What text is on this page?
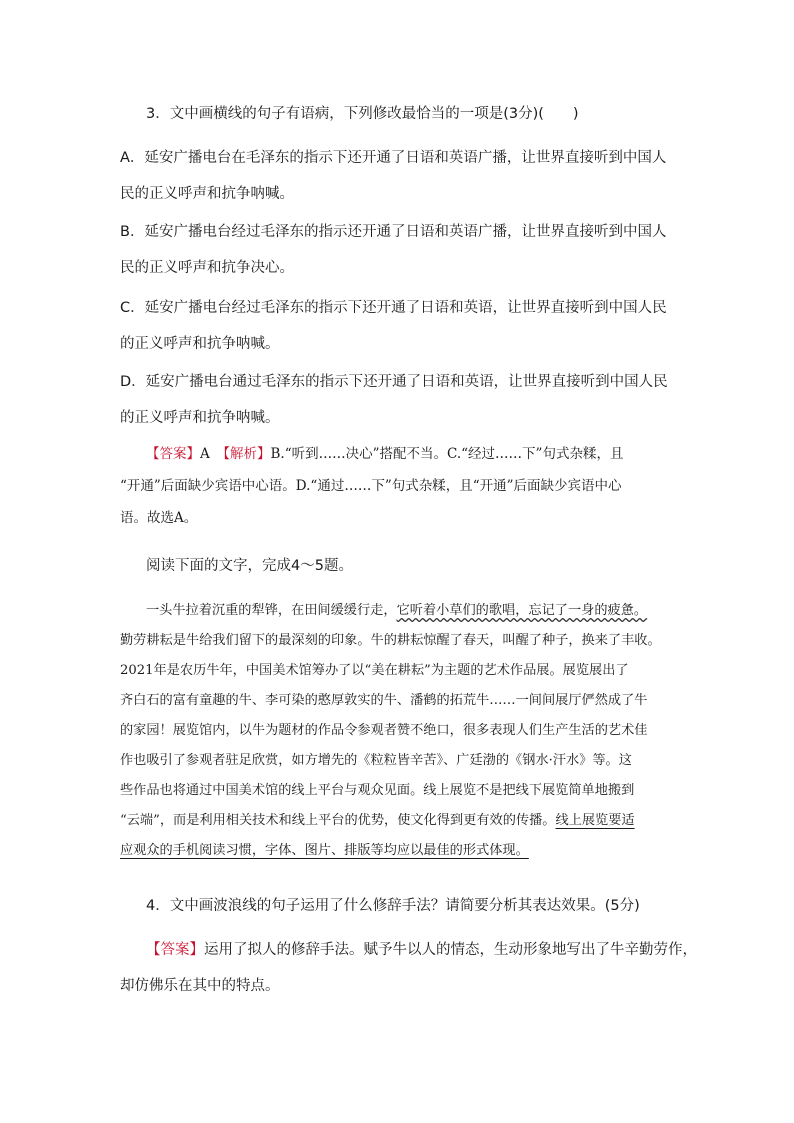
3．文中画横线的句子有语病，下列修改最恰当的一项是(3分)(　　)
A．延安广播电台在毛泽东的指示下还开通了日语和英语广播，让世界直接听到中国人
民的正义呼声和抗争呐喊。
B．延安广播电台经过毛泽东的指示还开通了日语和英语广播，让世界直接听到中国人
民的正义呼声和抗争决心。
C．延安广播电台经过毛泽东的指示下还开通了日语和英语，让世界直接听到中国人民
的正义呼声和抗争呐喊。
D．延安广播电台通过毛泽东的指示下还开通了日语和英语，让世界直接听到中国人民
的正义呼声和抗争呐喊。
【答案】A　【解析】B.“听到……决心”搭配不当。C.“经过……下”句式杂糅，且
“开通”后面缺少宾语中心语。D.“通过……下”句式杂糅，且“开通”后面缺少宾语中心
语。故选A。
阅读下面的文字，完成4～5题。
一头牛拉着沉重的犁铧，在田间缓缓行走，它听着小草们的歌唱，忘记了一身的疲惫。
勤劳耕耘是牛给我们留下的最深刻的印象。牛的耕耘惊醒了春天，叫醒了种子，换来了丰收。
2021年是农历牛年，中国美术馆筹办了以“美在耕耘”为主题的艺术作品展。展览展出了
齐白石的富有童趣的牛、李可染的憨厚敦实的牛、潘鹤的拓荒牛……一间间展厅俨然成了牛
的家园！展览馆内，以牛为题材的作品令参观者赞不绝口，很多表现人们生产生活的艺术佳
作也吸引了参观者驻足欣赏，如方增先的《粒粒皆辛苦》、广廷渤的《钢水·汗水》等。这
些作品也将通过中国美术馆的线上平台与观众见面。线上展览不是把线下展览简单地搬到
“云端”，而是利用相关技术和线上平台的优势，使文化得到更有效的传播。线上展览要适
应观众的手机阅读习惯，字体、图片、排版等均应以最佳的形式体现。
4．文中画波浪线的句子运用了什么修辞手法？请简要分析其表达效果。(5分)
【答案】运用了拟人的修辞手法。赋予牛以人的情态，生动形象地写出了牛辛勤劳作，
却仿佛乐在其中的特点。
